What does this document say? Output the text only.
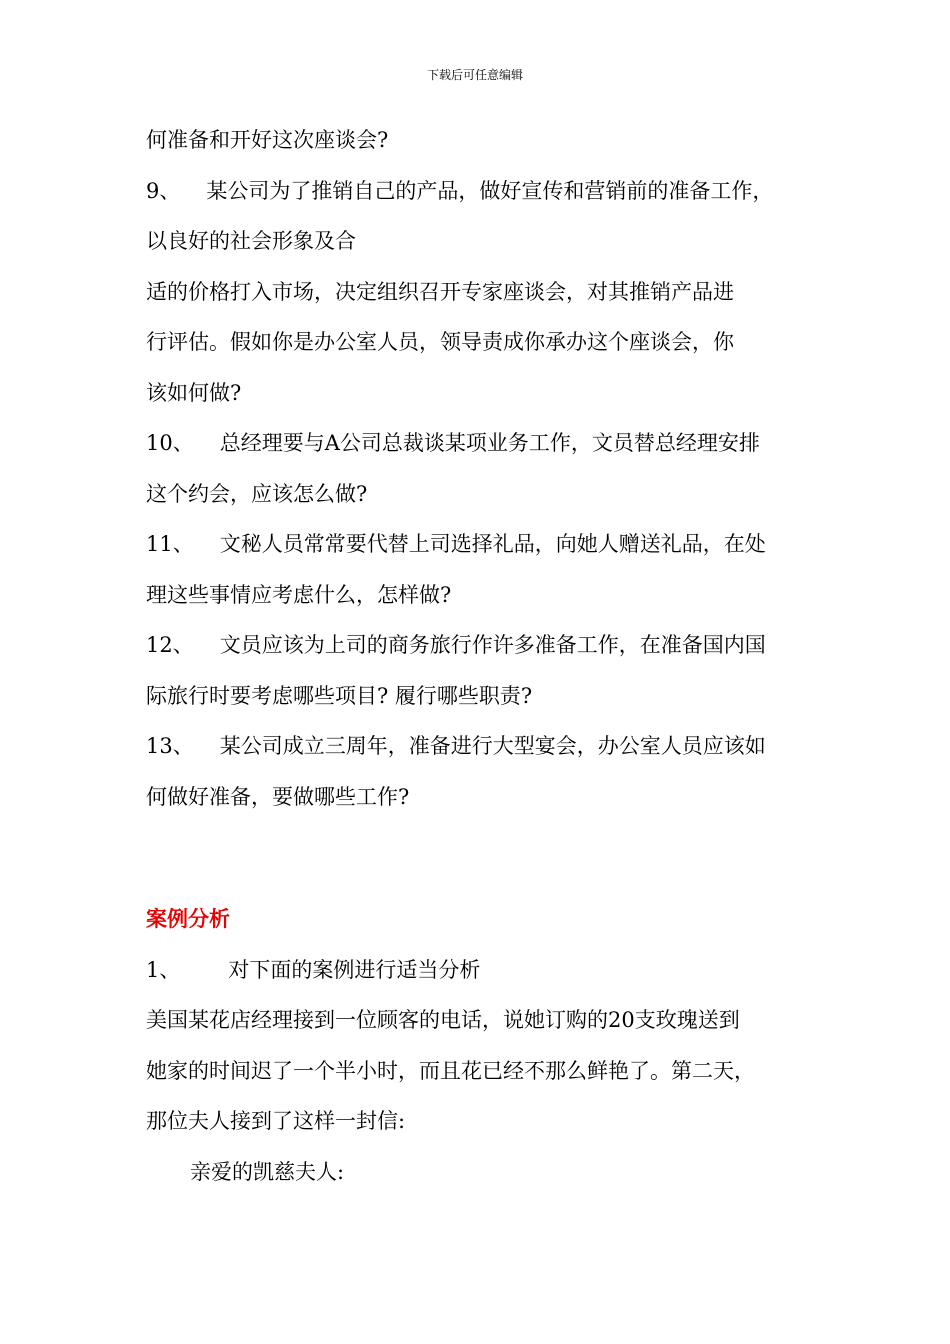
下载后可任意编辑
何准备和开好这次座谈会?
9、 某公司为了推销自己的产品，做好宣传和营销前的准备工作，
以良好的社会形象及合
适的价格打入市场，决定组织召开专家座谈会，对其推销产品进
行评估。假如你是办公室人员，领导责成你承办这个座谈会，你
该如何做?
10、 总经理要与A公司总裁谈某项业务工作，文员替总经理安排
这个约会，应该怎么做?
11、 文秘人员常常要代替上司选择礼品，向她人赠送礼品，在处
理这些事情应考虑什么，怎样做?
12、 文员应该为上司的商务旅行作许多准备工作，在准备国内国
际旅行时要考虑哪些项目? 履行哪些职责?
13、 某公司成立三周年，准备进行大型宴会，办公室人员应该如
何做好准备，要做哪些工作?
案例分析
1、 对下面的案例进行适当分析
美国某花店经理接到一位顾客的电话，说她订购的20支玫瑰送到
她家的时间迟了一个半小时，而且花已经不那么鲜艳了。第二天，
那位夫人接到了这样一封信:
亲爱的凯慈夫人:
